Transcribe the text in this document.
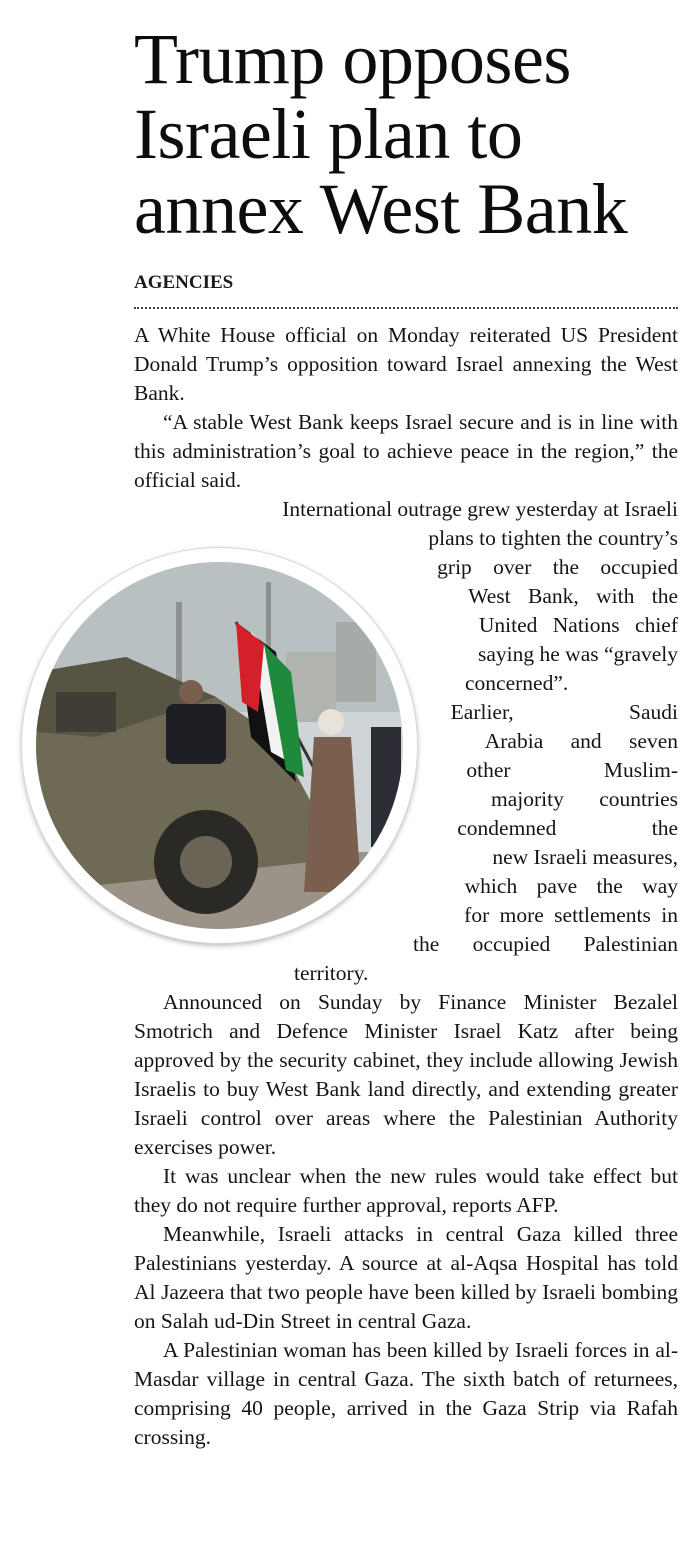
Trump opposes
Israeli plan to
annex West Bank
AGENCIES

A White House official on Monday reiterated US President Donald Trump’s opposition toward Israel annexing the West Bank.

“A stable West Bank keeps Israel secure and is in line with this administration’s goal to achieve peace in the region,” the official said.

International outrage grew yesterday at Israeli
plans to tighten the country’s
grip over the occupied
West Bank, with the
United Nations chief
saying he was “gravely
concerned”.

Earlier, Saudi
Arabia and seven
other Muslim-
majority countries
condemned the
new Israeli measures,
which pave the way
for more settlements in
the occupied Palestinian
territory.

Announced on Sunday by Finance Minister Bezalel Smotrich and Defence Minister Israel Katz after being approved by the security cabinet, they include allowing Jewish Israelis to buy West Bank land directly, and extending greater Israeli control over areas where the Palestinian Authority exercises power.

It was unclear when the new rules would take effect but they do not require further approval, reports AFP.

Meanwhile, Israeli attacks in central Gaza killed three Palestinians yesterday. A source at al-Aqsa Hospital has told Al Jazeera that two people have been killed by Israeli bombing on Salah ud-Din Street in central Gaza.

A Palestinian woman has been killed by Israeli forces in al-Masdar village in central Gaza. The sixth batch of returnees, comprising 40 people, arrived in the Gaza Strip via Rafah crossing.
